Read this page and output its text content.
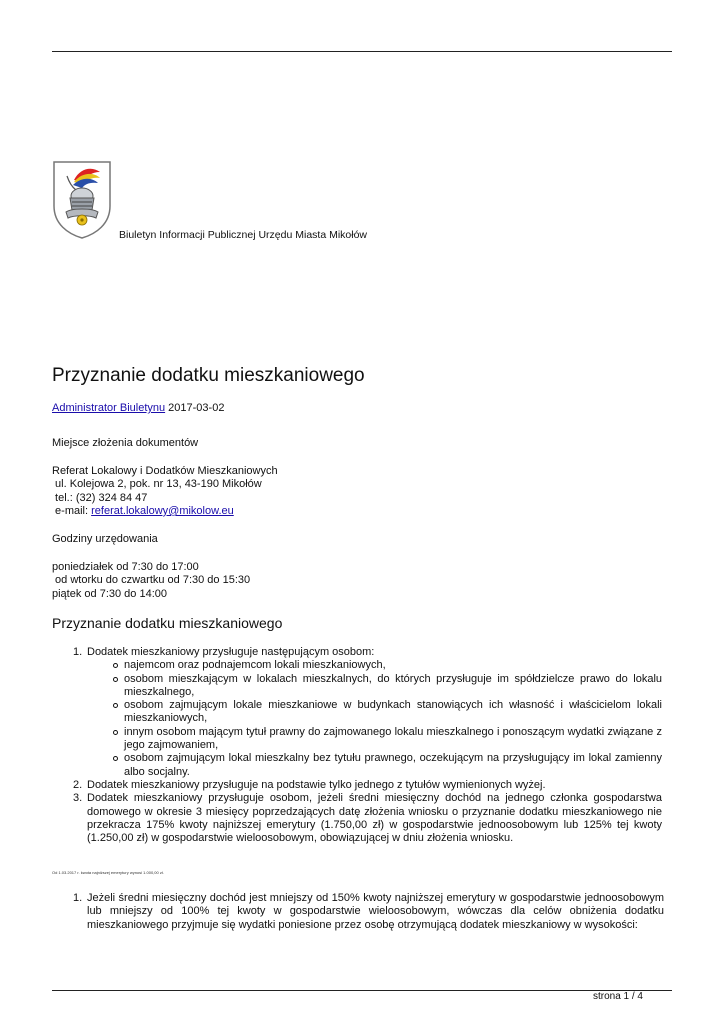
Biuletyn Informacji Publicznej Urzędu Miasta Mikołów
Przyznanie dodatku mieszkaniowego
Administrator Biuletynu 2017-03-02
Miejsce złożenia dokumentów
Referat Lokalowy i Dodatków Mieszkaniowych
ul. Kolejowa 2, pok. nr 13, 43-190 Mikołów
tel.: (32) 324 84 47
e-mail: referat.lokalowy@mikolow.eu
Godziny urzędowania
poniedziałek od 7:30 do 17:00
od wtorku do czwartku od 7:30 do 15:30
piątek od 7:30 do 14:00
Przyznanie dodatku mieszkaniowego
1. Dodatek mieszkaniowy przysługuje następującym osobom:
najemcom oraz podnajemcom lokali mieszkaniowych,
osobom mieszkającym w lokalach mieszkalnych, do których przysługuje im spółdzielcze prawo do lokalu mieszkalnego,
osobom zajmującym lokale mieszkaniowe w budynkach stanowiących ich własność i właścicielom lokali mieszkaniowych,
innym osobom mającym tytuł prawny do zajmowanego lokalu mieszkalnego i ponoszącym wydatki związane z jego zajmowaniem,
osobom zajmującym lokal mieszkalny bez tytułu prawnego, oczekującym na przysługujący im lokal zamienny albo socjalny.
2. Dodatek mieszkaniowy przysługuje na podstawie tylko jednego z tytułów wymienionych wyżej.
3. Dodatek mieszkaniowy przysługuje osobom, jeżeli średni miesięczny dochód na jednego członka gospodarstwa domowego w okresie 3 miesięcy poprzedzających datę złożenia wniosku o przyznanie dodatku mieszkaniowego nie przekracza 175% kwoty najniższej emerytury (1.750,00 zł) w gospodarstwie jednoosobowym lub 125% tej kwoty (1.250,00 zł) w gospodarstwie wieloosobowym, obowiązującej w dniu złożenia wniosku.
Od 1.03.2017 r. kwota najniższej emerytury wynosi 1.000,00 zł.
1. Jeżeli średni miesięczny dochód jest mniejszy od 150% kwoty najniższej emerytury w gospodarstwie jednoosobowym lub mniejszy od 100% tej kwoty w gospodarstwie wieloosobowym, wówczas dla celów obniżenia dodatku mieszkaniowego przyjmuje się wydatki poniesione przez osobę otrzymującą dodatek mieszkaniowy w wysokości:
strona 1 / 4
